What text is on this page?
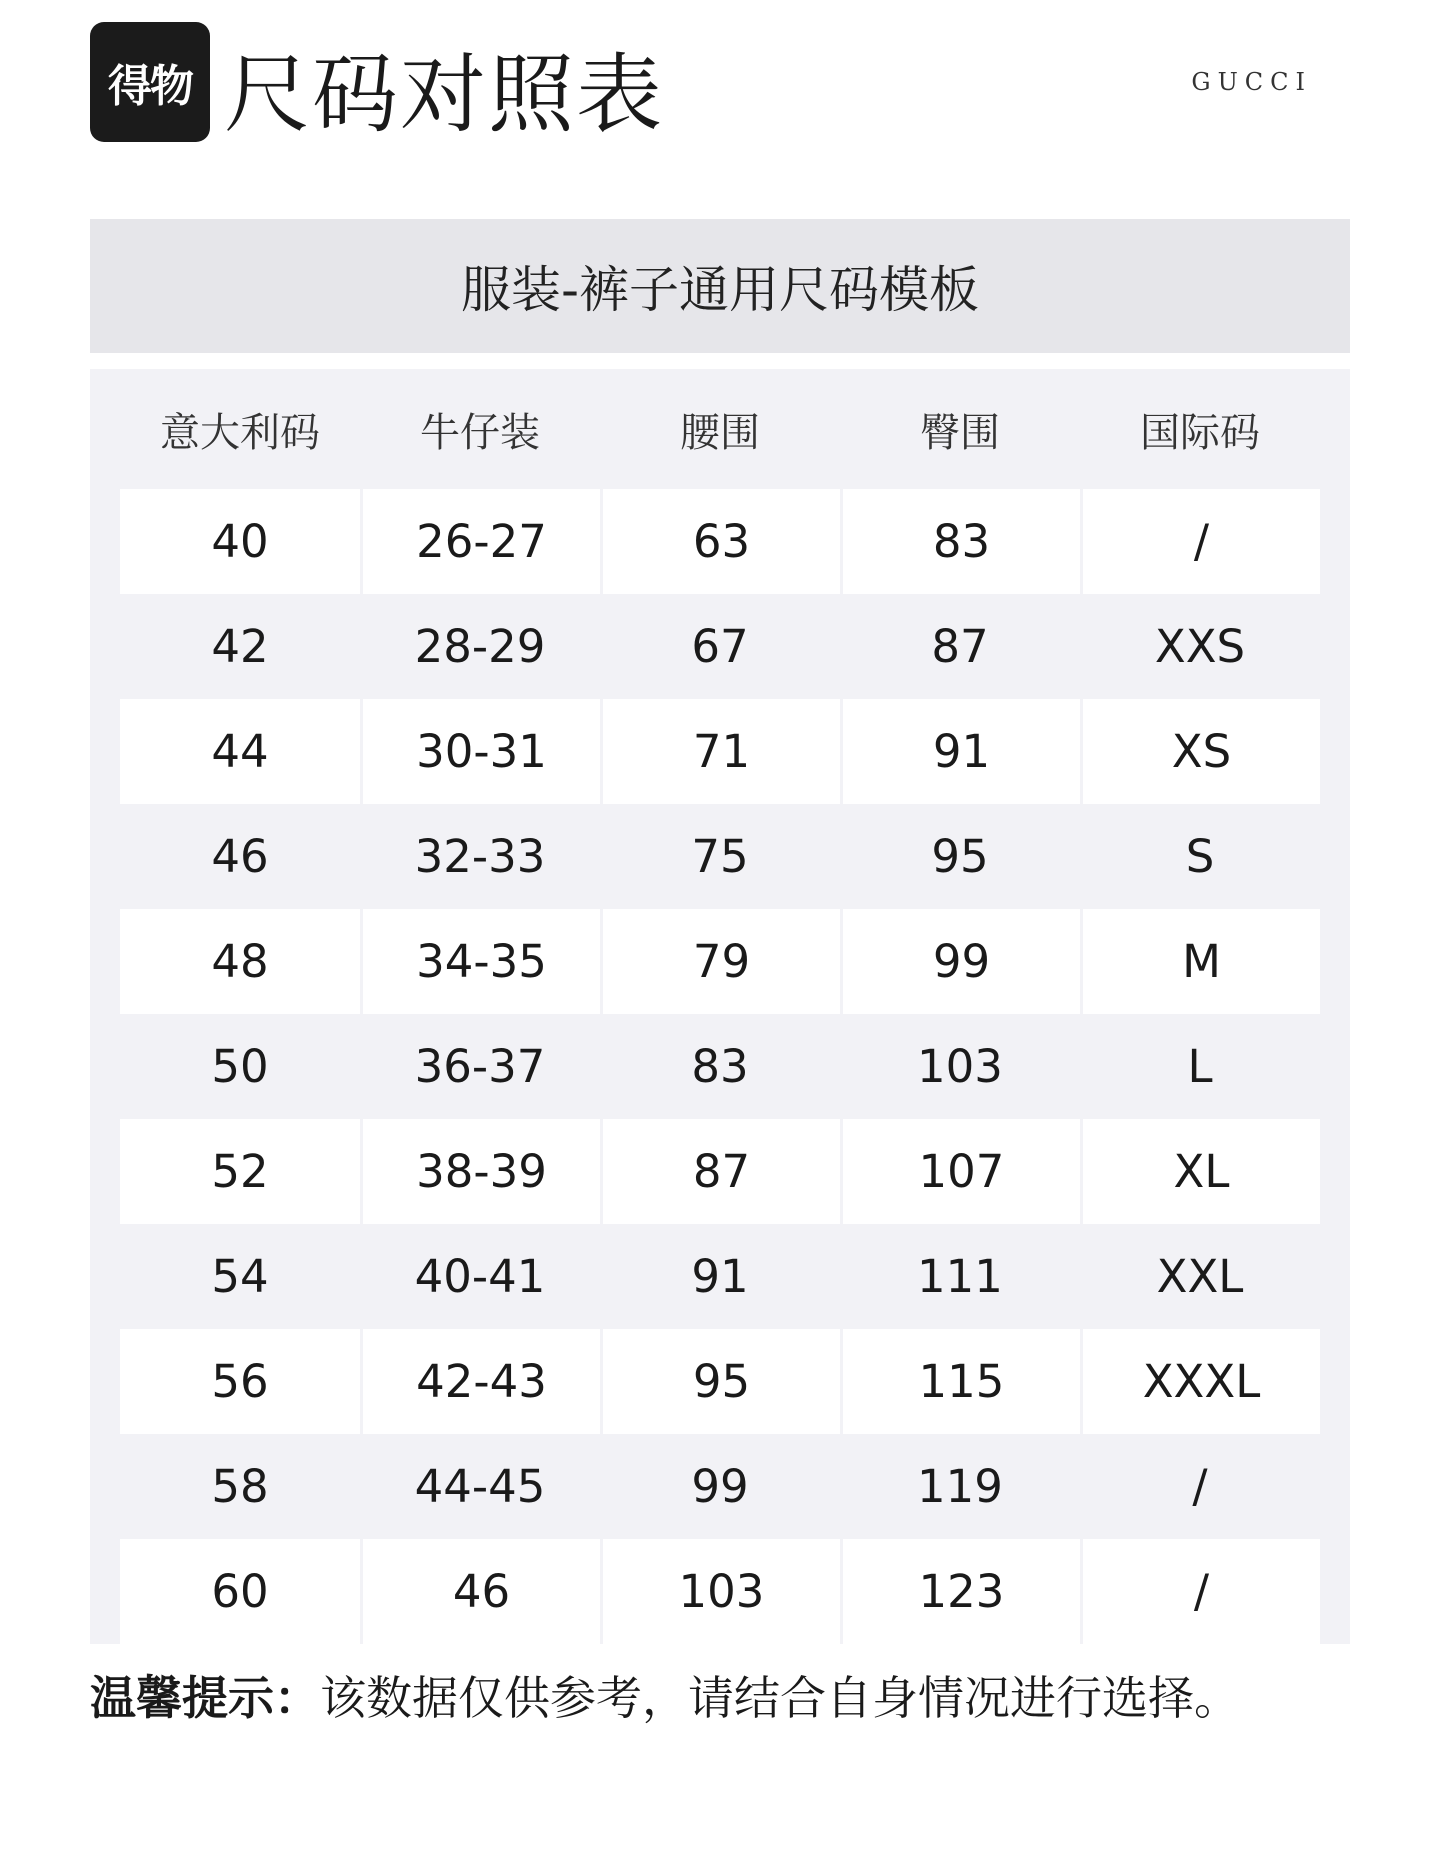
得物 尺码对照表	GUCCI
服装-裤子通用尺码模板
意大利码	牛仔装	腰围	臀围	国际码
40	26-27	63	83	/
42	28-29	67	87	XXS
44	30-31	71	91	XS
46	32-33	75	95	S
48	34-35	79	99	M
50	36-37	83	103	L
52	38-39	87	107	XL
54	40-41	91	111	XXL
56	42-43	95	115	XXXL
58	44-45	99	119	/
60	46	103	123	/
温馨提示：该数据仅供参考，请结合自身情况进行选择。
